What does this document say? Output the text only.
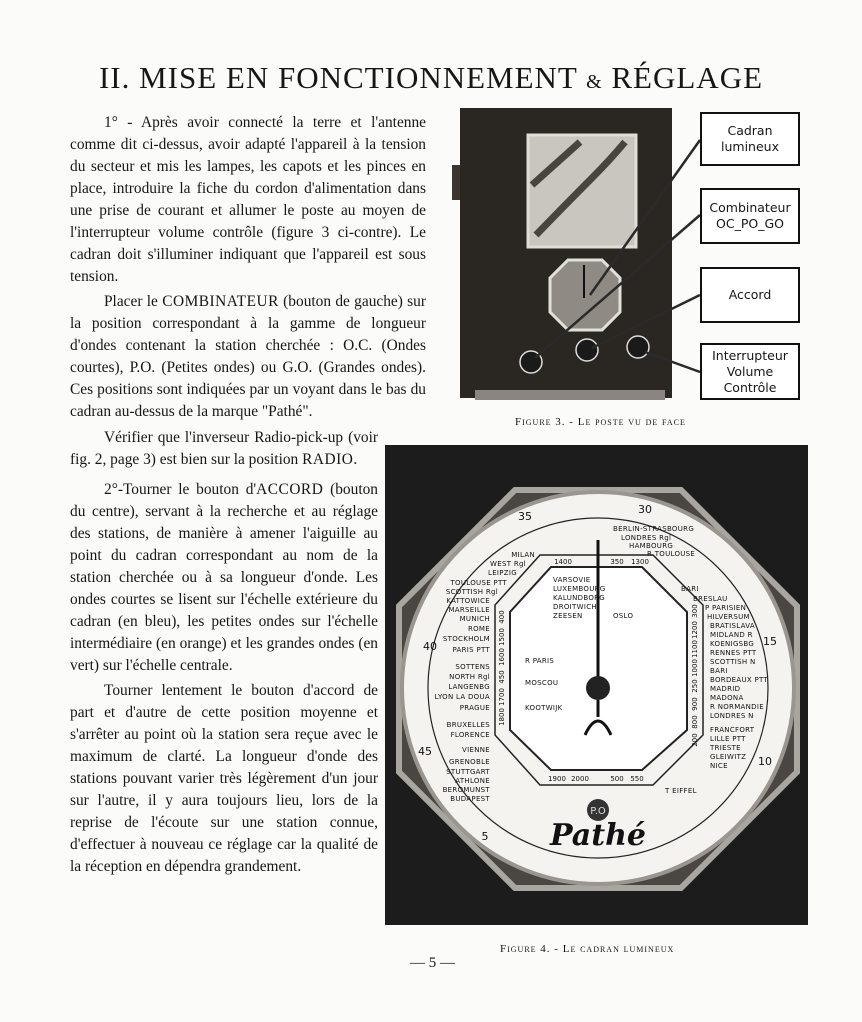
II. MISE EN FONCTIONNEMENT & RÉGLAGE

1° - Après avoir connecté la terre et l'antenne comme dit ci-dessus, avoir adapté l'appareil à la tension du secteur et mis les lampes, les capots et les pinces en place, introduire la fiche du cordon d'alimentation dans une prise de courant et allumer le poste au moyen de l'interrupteur volume contrôle (figure 3 ci-contre). Le cadran doit s'illuminer indiquant que l'appareil est sous tension.

Placer le COMBINATEUR (bouton de gauche) sur la position correspondant à la gamme de longueur d'ondes contenant la station cherchée : O.C. (Ondes courtes), P.O. (Petites ondes) ou G.O. (Grandes ondes). Ces positions sont indiquées par un voyant dans le bas du cadran au-dessus de la marque "Pathé".

Vérifier que l'inverseur Radio-pick-up (voir fig. 2, page 3) est bien sur la position RADIO.

2°-Tourner le bouton d'ACCORD (bouton du centre), servant à la recherche et au réglage des stations, de manière à amener l'aiguille au point du cadran correspondant au nom de la station cherchée ou à sa longueur d'onde. Les ondes courtes se lisent sur l'échelle extérieure du cadran (en bleu), les petites ondes sur l'échelle intermédiaire (en orange) et les grandes ondes (en vert) sur l'échelle centrale.

Tourner lentement le bouton d'accord de part et d'autre de cette position moyenne et s'arrêter au point où la station sera reçue avec le maximum de clarté. La longueur d'onde des stations pouvant varier très légèrement d'un jour sur l'autre, il y aura toujours lieu, lors de la reprise de l'écoute sur une station connue, d'effectuer à nouveau ce réglage car la qualité de la réception en dépendra grandement.

Cadran
lumineux
Combinateur
OC_PO_GO
Accord
Interrupteur
Volume
Contrôle
Figure 3. - Le poste vu de face
P.O
Pathé
MILAN
WEST Rgl
LEIPZIG
TOULOUSE PTT
SCOTTISH Rgl
KATTOWICE
MARSEILLE
MUNICH
ROME
STOCKHOLM
PARIS PTT
SOTTENS
NORTH Rgl
LANGENBG
LYON LA DOUA
PRAGUE
BRUXELLES
FLORENCE
VIENNE
GRENOBLE
STUTTGART
ATHLONE
BEROMUNST
BUDAPEST
BERLIN-STRASBOURG
LONDRES Rgl
HAMBOURG
R TOULOUSE
BARI
BRESLAU
P PARISIEN
HILVERSUM
BRATISLAVA
MIDLAND R
KOENIGSBG
RENNES PTT
SCOTTISH N
BARI
BORDEAUX PTT
MADRID
MADONA
R NORMANDIE
LONDRES N
FRANCFORT
LILLE PTT
TRIESTE
GLEIWITZ
NICE
T EIFFEL
VARSOVIE
LUXEMBOURG
KALUNDBORG
DROITWICH
ZEESEN	OSLO
R PARIS
MOSCOU
KOOTWIJK
35
30
40
45
15
10
5
350
1400	1300
1200
400
1500
1600
450
1700
1800
500
1900 2000	550
300
1100
1000
250
900
800
200
Figure 4. - Le cadran lumineux
— 5 —
